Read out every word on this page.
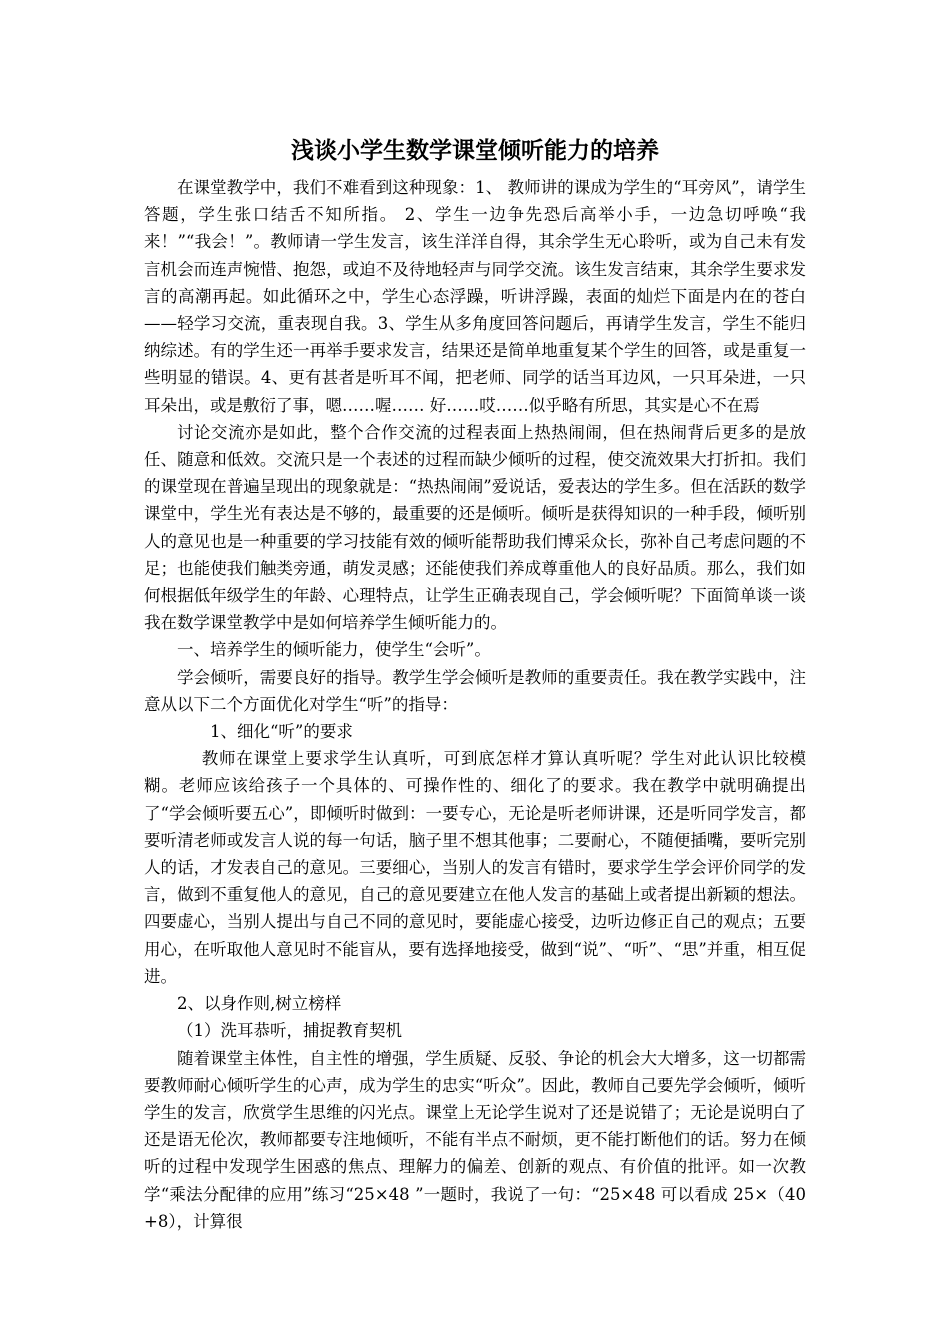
浅谈小学生数学课堂倾听能力的培养

在课堂教学中，我们不难看到这种现象：1、 教师讲的课成为学生的“耳旁风”，请学生答题，学生张口结舌不知所指。 2、学生一边争先恐后高举小手，一边急切呼唤“我来！”“我会！”。教师请一学生发言，该生洋洋自得，其余学生无心聆听，或为自己未有发言机会而连声惋惜、抱怨，或迫不及待地轻声与同学交流。该生发言结束，其余学生要求发言的高潮再起。如此循环之中，学生心态浮躁，听讲浮躁，表面的灿烂下面是内在的苍白——轻学习交流，重表现自我。3、学生从多角度回答问题后，再请学生发言，学生不能归纳综述。有的学生还一再举手要求发言，结果还是简单地重复某个学生的回答，或是重复一些明显的错误。4、更有甚者是听耳不闻，把老师、同学的话当耳边风，一只耳朵进，一只耳朵出，或是敷衍了事，嗯……喔…… 好……哎……似乎略有所思，其实是心不在焉

讨论交流亦是如此，整个合作交流的过程表面上热热闹闹，但在热闹背后更多的是放任、随意和低效。交流只是一个表述的过程而缺少倾听的过程，使交流效果大打折扣。我们的课堂现在普遍呈现出的现象就是：“热热闹闹”爱说话，爱表达的学生多。但在活跃的数学课堂中，学生光有表达是不够的，最重要的还是倾听。倾听是获得知识的一种手段，倾听别人的意见也是一种重要的学习技能有效的倾听能帮助我们博采众长，弥补自己考虑问题的不足；也能使我们触类旁通，萌发灵感；还能使我们养成尊重他人的良好品质。那么，我们如何根据低年级学生的年龄、心理特点，让学生正确表现自己，学会倾听呢？下面简单谈一谈我在数学课堂教学中是如何培养学生倾听能力的。

一、培养学生的倾听能力，使学生“会听”。

学会倾听，需要良好的指导。教学生学会倾听是教师的重要责任。我在教学实践中，注意从以下二个方面优化对学生“听”的指导：

1、细化“听”的要求

教师在课堂上要求学生认真听，可到底怎样才算认真听呢？学生对此认识比较模糊。老师应该给孩子一个具体的、可操作性的、细化了的要求。我在教学中就明确提出了“学会倾听要五心”，即倾听时做到：一要专心，无论是听老师讲课，还是听同学发言，都要听清老师或发言人说的每一句话，脑子里不想其他事；二要耐心，不随便插嘴，要听完别人的话，才发表自己的意见。三要细心，当别人的发言有错时，要求学生学会评价同学的发言，做到不重复他人的意见，自己的意见要建立在他人发言的基础上或者提出新颖的想法。四要虚心，当别人提出与自己不同的意见时，要能虚心接受，边听边修正自己的观点；五要用心，在听取他人意见时不能盲从，要有选择地接受，做到“说”、“听”、“思”并重，相互促进。

2、以身作则,树立榜样

（1）洗耳恭听，捕捉教育契机

随着课堂主体性，自主性的增强，学生质疑、反驳、争论的机会大大增多，这一切都需要教师耐心倾听学生的心声，成为学生的忠实“听众”。因此，教师自己要先学会倾听，倾听学生的发言，欣赏学生思维的闪光点。课堂上无论学生说对了还是说错了；无论是说明白了还是语无伦次，教师都要专注地倾听，不能有半点不耐烦，更不能打断他们的话。努力在倾听的过程中发现学生困惑的焦点、理解力的偏差、创新的观点、有价值的批评。如一次教学“乘法分配律的应用”练习“25×48 ”一题时，我说了一句：“25×48 可以看成 25×（40+8），计算很
